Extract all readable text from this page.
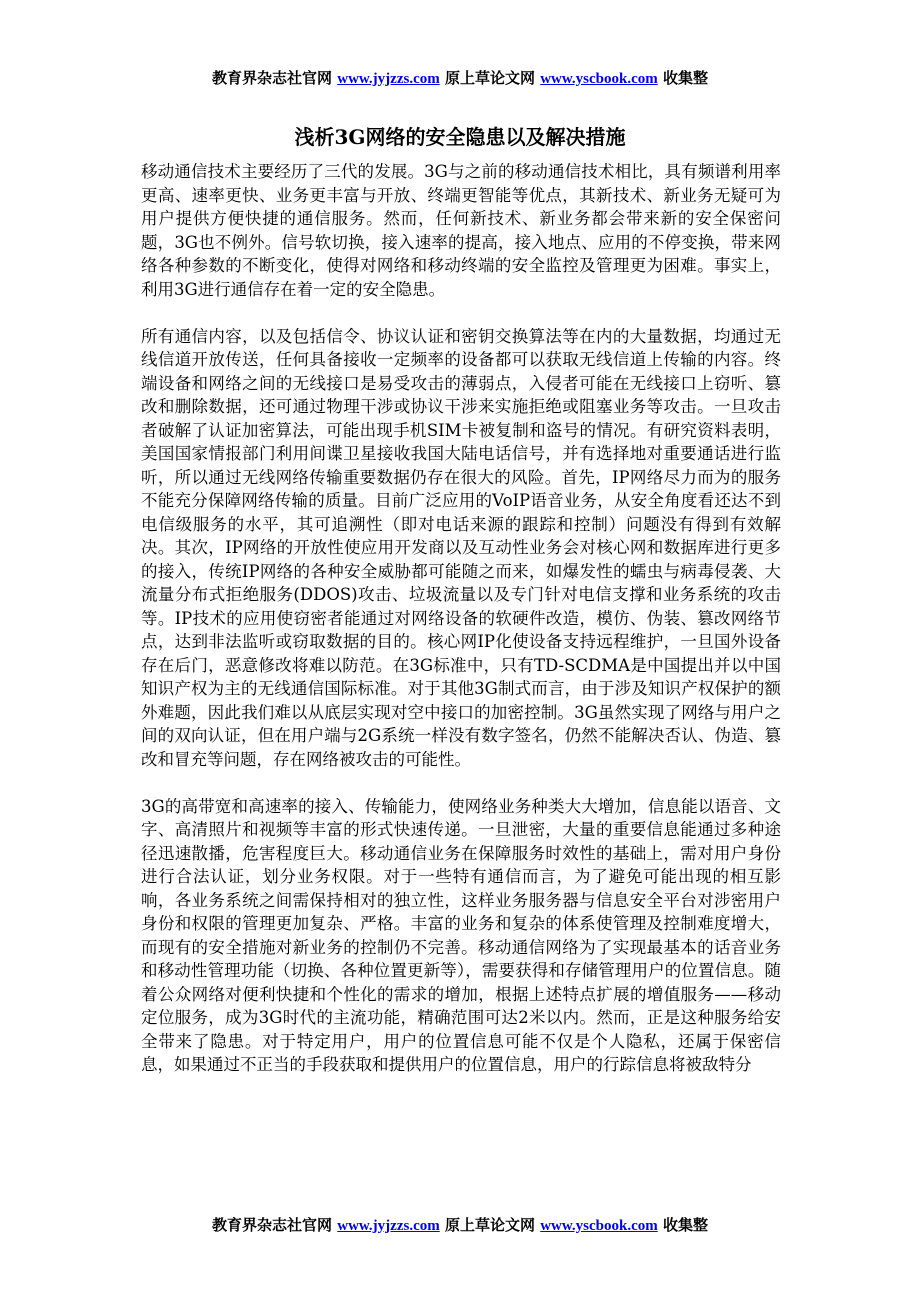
教育界杂志社官网 www.jyjzzs.com 原上草论文网 www.yscbook.com 收集整
浅析3G网络的安全隐患以及解决措施

移动通信技术主要经历了三代的发展。3G与之前的移动通信技术相比，具有频谱利用率更高、速率更快、业务更丰富与开放、终端更智能等优点，其新技术、新业务无疑可为用户提供方便快捷的通信服务。然而，任何新技术、新业务都会带来新的安全保密问题，3G也不例外。信号软切换，接入速率的提高，接入地点、应用的不停变换，带来网络各种参数的不断变化，使得对网络和移动终端的安全监控及管理更为困难。事实上，利用3G进行通信存在着一定的安全隐患。

所有通信内容，以及包括信令、协议认证和密钥交换算法等在内的大量数据，均通过无线信道开放传送，任何具备接收一定频率的设备都可以获取无线信道上传输的内容。终端设备和网络之间的无线接口是易受攻击的薄弱点，入侵者可能在无线接口上窃听、篡改和删除数据，还可通过物理干涉或协议干涉来实施拒绝或阻塞业务等攻击。一旦攻击者破解了认证加密算法，可能出现手机SIM卡被复制和盗号的情况。有研究资料表明，美国国家情报部门利用间谍卫星接收我国大陆电话信号，并有选择地对重要通话进行监听，所以通过无线网络传输重要数据仍存在很大的风险。首先，IP网络尽力而为的服务不能充分保障网络传输的质量。目前广泛应用的VoIP语音业务，从安全角度看还达不到电信级服务的水平，其可追溯性（即对电话来源的跟踪和控制）问题没有得到有效解决。其次，IP网络的开放性使应用开发商以及互动性业务会对核心网和数据库进行更多的接入，传统IP网络的各种安全威胁都可能随之而来，如爆发性的蠕虫与病毒侵袭、大流量分布式拒绝服务(DDOS)攻击、垃圾流量以及专门针对电信支撑和业务系统的攻击等。IP技术的应用使窃密者能通过对网络设备的软硬件改造，模仿、伪装、篡改网络节点，达到非法监听或窃取数据的目的。核心网IP化使设备支持远程维护，一旦国外设备存在后门，恶意修改将难以防范。在3G标准中，只有TD-SCDMA是中国提出并以中国知识产权为主的无线通信国际标准。对于其他3G制式而言，由于涉及知识产权保护的额外难题，因此我们难以从底层实现对空中接口的加密控制。3G虽然实现了网络与用户之间的双向认证，但在用户端与2G系统一样没有数字签名，仍然不能解决否认、伪造、篡改和冒充等问题，存在网络被攻击的可能性。

3G的高带宽和高速率的接入、传输能力，使网络业务种类大大增加，信息能以语音、文字、高清照片和视频等丰富的形式快速传递。一旦泄密，大量的重要信息能通过多种途径迅速散播，危害程度巨大。移动通信业务在保障服务时效性的基础上，需对用户身份进行合法认证，划分业务权限。对于一些特有通信而言，为了避免可能出现的相互影响，各业务系统之间需保持相对的独立性，这样业务服务器与信息安全平台对涉密用户身份和权限的管理更加复杂、严格。丰富的业务和复杂的体系使管理及控制难度增大，而现有的安全措施对新业务的控制仍不完善。移动通信网络为了实现最基本的话音业务和移动性管理功能（切换、各种位置更新等），需要获得和存储管理用户的位置信息。随着公众网络对便利快捷和个性化的需求的增加，根据上述特点扩展的增值服务——移动定位服务，成为3G时代的主流功能，精确范围可达2米以内。然而，正是这种服务给安全带来了隐患。对于特定用户，用户的位置信息可能不仅是个人隐私，还属于保密信息，如果通过不正当的手段获取和提供用户的位置信息，用户的行踪信息将被敌特分

教育界杂志社官网 www.jyjzzs.com 原上草论文网 www.yscbook.com 收集整
